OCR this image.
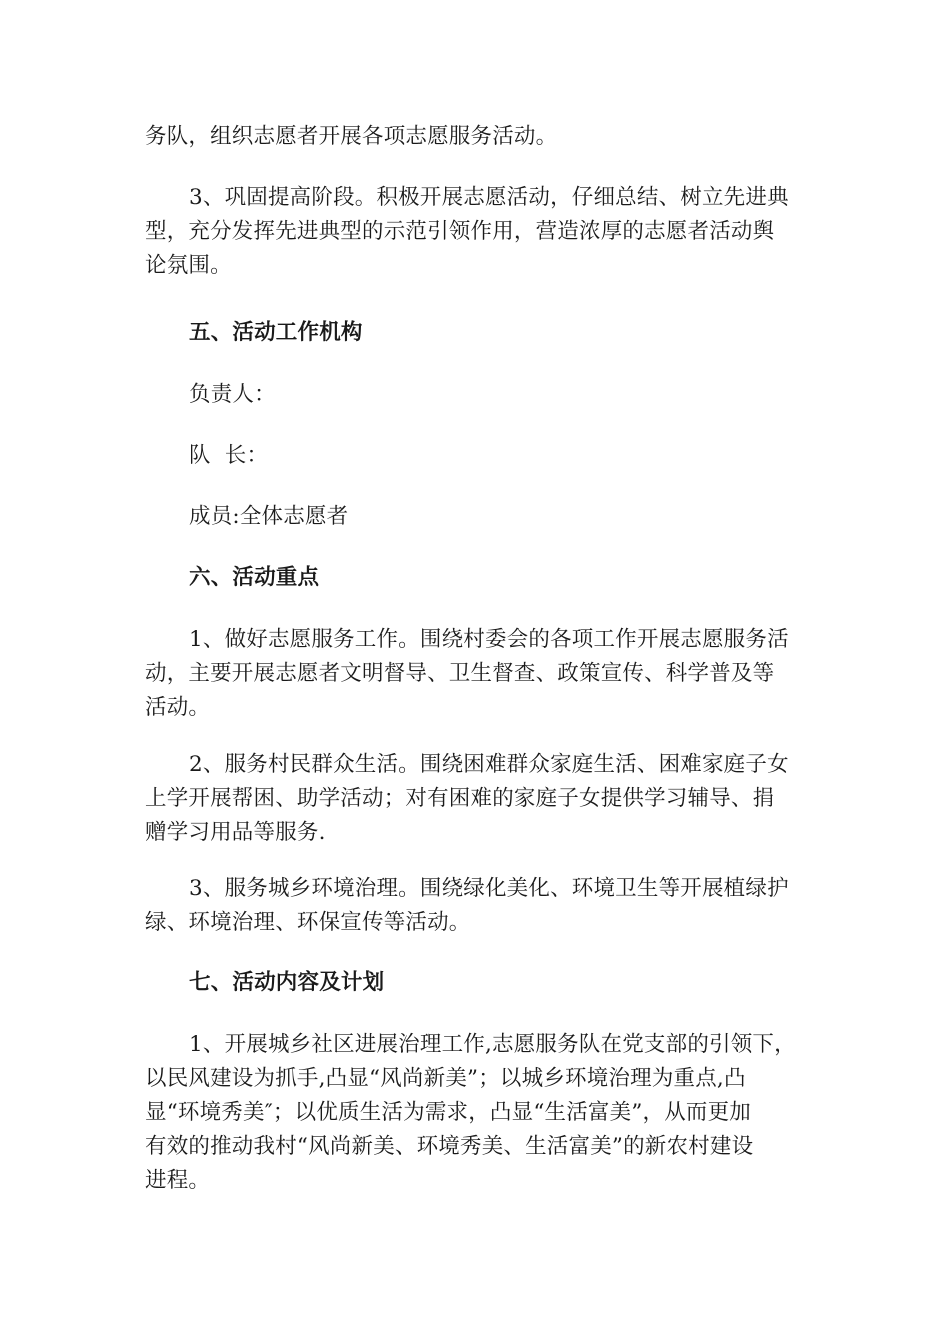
务队，组织志愿者开展各项志愿服务活动。

3、巩固提高阶段。积极开展志愿活动，仔细总结、树立先进典
型，充分发挥先进典型的示范引领作用，营造浓厚的志愿者活动舆
论氛围。

五、活动工作机构

负责人：

队  长：

成员:全体志愿者

六、活动重点

1、做好志愿服务工作。围绕村委会的各项工作开展志愿服务活
动，主要开展志愿者文明督导、卫生督查、政策宣传、科学普及等
活动。

2、服务村民群众生活。围绕困难群众家庭生活、困难家庭子女
上学开展帮困、助学活动；对有困难的家庭子女提供学习辅导、捐
赠学习用品等服务.

3、服务城乡环境治理。围绕绿化美化、环境卫生等开展植绿护
绿、环境治理、环保宣传等活动。

七、活动内容及计划

1、开展城乡社区进展治理工作,志愿服务队在党支部的引领下，
以民风建设为抓手,凸显“风尚新美”；以城乡环境治理为重点,凸
显“环境秀美″；以优质生活为需求，凸显“生活富美”，从而更加
有效的推动我村“风尚新美、环境秀美、生活富美”的新农村建设
进程。
